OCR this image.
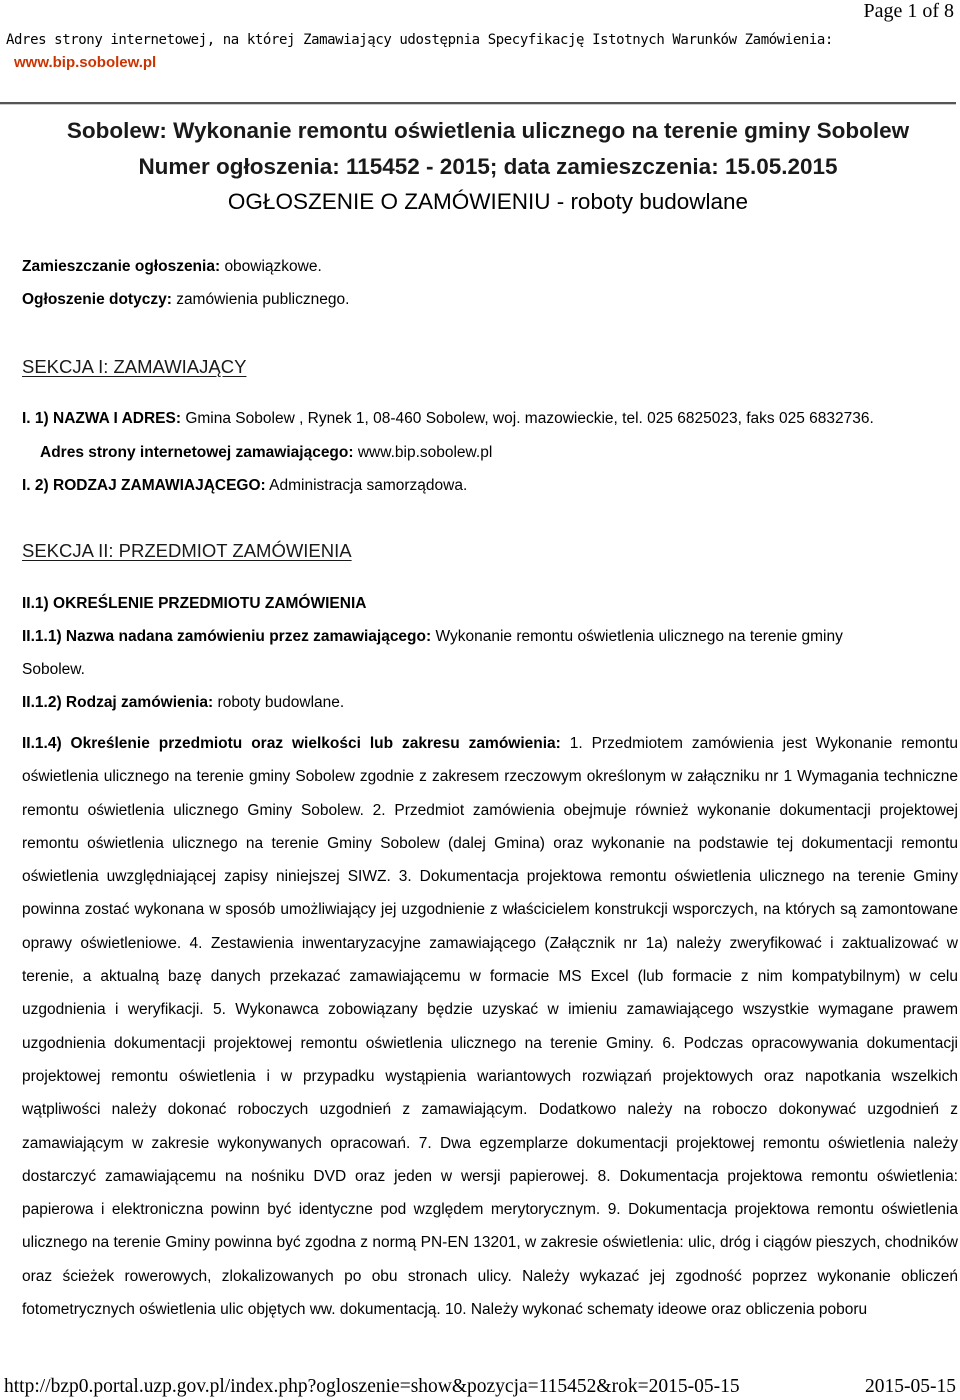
Page 1 of 8
Adres strony internetowej, na której Zamawiający udostępnia Specyfikację Istotnych Warunków Zamówienia:
www.bip.sobolew.pl
Sobolew: Wykonanie remontu oświetlenia ulicznego na terenie gminy Sobolew
Numer ogłoszenia: 115452 - 2015; data zamieszczenia: 15.05.2015
OGŁOSZENIE O ZAMÓWIENIU - roboty budowlane
Zamieszczanie ogłoszenia: obowiązkowe.
Ogłoszenie dotyczy: zamówienia publicznego.
SEKCJA I: ZAMAWIAJĄCY
I. 1) NAZWA I ADRES: Gmina Sobolew , Rynek 1, 08-460 Sobolew, woj. mazowieckie, tel. 025 6825023, faks 025 6832736.
Adres strony internetowej zamawiającego: www.bip.sobolew.pl
I. 2) RODZAJ ZAMAWIAJĄCEGO: Administracja samorządowa.
SEKCJA II: PRZEDMIOT ZAMÓWIENIA
II.1) OKREŚLENIE PRZEDMIOTU ZAMÓWIENIA
II.1.1) Nazwa nadana zamówieniu przez zamawiającego: Wykonanie remontu oświetlenia ulicznego na terenie gminy
Sobolew.
II.1.2) Rodzaj zamówienia: roboty budowlane.
II.1.4) Określenie przedmiotu oraz wielkości lub zakresu zamówienia: 1. Przedmiotem zamówienia jest Wykonanie remontu oświetlenia ulicznego na terenie gminy Sobolew zgodnie z zakresem rzeczowym określonym w załączniku nr 1 Wymagania techniczne remontu oświetlenia ulicznego Gminy Sobolew. 2. Przedmiot zamówienia obejmuje również wykonanie dokumentacji projektowej remontu oświetlenia ulicznego na terenie Gminy Sobolew (dalej Gmina) oraz wykonanie na podstawie tej dokumentacji remontu oświetlenia uwzględniającej zapisy niniejszej SIWZ. 3. Dokumentacja projektowa remontu oświetlenia ulicznego na terenie Gminy powinna zostać wykonana w sposób umożliwiający jej uzgodnienie z właścicielem konstrukcji wsporczych, na których są zamontowane oprawy oświetleniowe. 4. Zestawienia inwentaryzacyjne zamawiającego (Załącznik nr 1a) należy zweryfikować i zaktualizować w terenie, a aktualną bazę danych przekazać zamawiającemu w formacie MS Excel (lub formacie z nim kompatybilnym) w celu uzgodnienia i weryfikacji. 5. Wykonawca zobowiązany będzie uzyskać w imieniu zamawiającego wszystkie wymagane prawem uzgodnienia dokumentacji projektowej remontu oświetlenia ulicznego na terenie Gminy. 6. Podczas opracowywania dokumentacji projektowej remontu oświetlenia i w przypadku wystąpienia wariantowych rozwiązań projektowych oraz napotkania wszelkich wątpliwości należy dokonać roboczych uzgodnień z zamawiającym. Dodatkowo należy na roboczo dokonywać uzgodnień z zamawiającym w zakresie wykonywanych opracowań. 7. Dwa egzemplarze dokumentacji projektowej remontu oświetlenia należy dostarczyć zamawiającemu na nośniku DVD oraz jeden w wersji papierowej. 8. Dokumentacja projektowa remontu oświetlenia: papierowa i elektroniczna powinn być identyczne pod względem merytorycznym. 9. Dokumentacja projektowa remontu oświetlenia ulicznego na terenie Gminy powinna być zgodna z normą PN-EN 13201, w zakresie oświetlenia: ulic, dróg i ciągów pieszych, chodników oraz ścieżek rowerowych, zlokalizowanych po obu stronach ulicy. Należy wykazać jej zgodność poprzez wykonanie obliczeń fotometrycznych oświetlenia ulic objętych ww. dokumentacją. 10. Należy wykonać schematy ideowe oraz obliczenia poboru
http://bzp0.portal.uzp.gov.pl/index.php?ogloszenie=show&pozycja=115452&rok=2015-05-15	2015-05-15
